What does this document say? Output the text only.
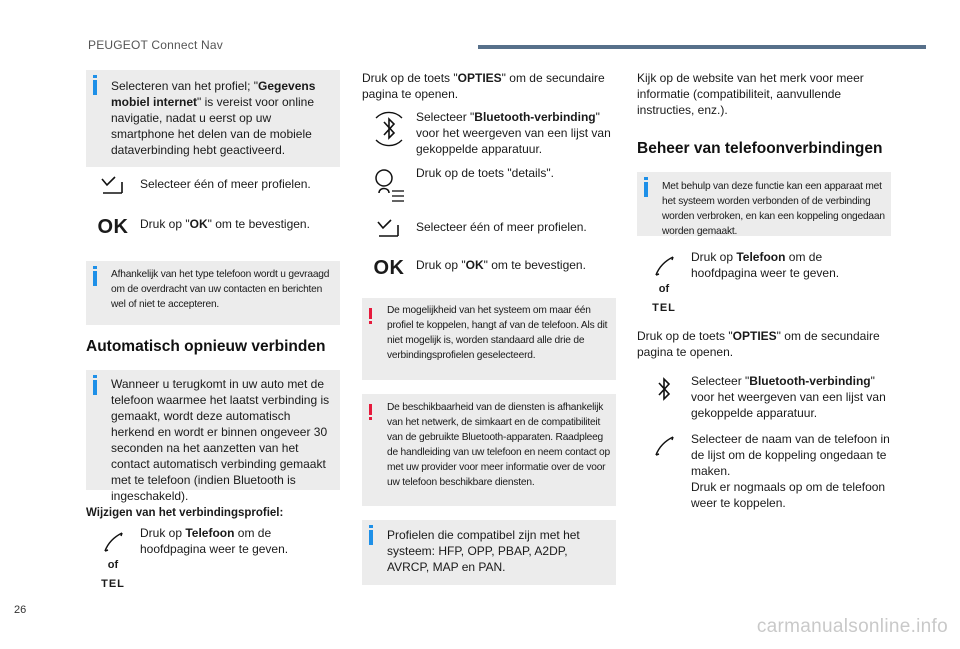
PEUGEOT Connect Nav
Selecteren van het profiel; "Gegevens mobiel internet" is vereist voor online navigatie, nadat u eerst op uw smartphone het delen van de mobiele dataverbinding hebt geactiveerd.
Selecteer één of meer profielen.
OK Druk op "OK" om te bevestigen.
Afhankelijk van het type telefoon wordt u gevraagd om de overdracht van uw contacten en berichten wel of niet te accepteren.
Automatisch opnieuw verbinden
Wanneer u terugkomt in uw auto met de telefoon waarmee het laatst verbinding is gemaakt, wordt deze automatisch herkend en wordt er binnen ongeveer 30 seconden na het aanzetten van het contact automatisch verbinding gemaakt met te telefoon (indien Bluetooth is ingeschakeld).
Wijzigen van het verbindingsprofiel:
of
TEL
Druk op Telefoon om de hoofdpagina weer te geven.
Druk op de toets "OPTIES" om de secundaire pagina te openen.
Selecteer "Bluetooth-verbinding" voor het weergeven van een lijst van gekoppelde apparatuur.
Druk op de toets "details".
Selecteer één of meer profielen.
OK Druk op "OK" om te bevestigen.
De mogelijkheid van het systeem om maar één profiel te koppelen, hangt af van de telefoon. Als dit niet mogelijk is, worden standaard alle drie de verbindingsprofielen geselecteerd.
De beschikbaarheid van de diensten is afhankelijk van het netwerk, de simkaart en de compatibiliteit van de gebruikte Bluetooth-apparaten. Raadpleeg de handleiding van uw telefoon en neem contact op met uw provider voor meer informatie over de voor uw telefoon beschikbare diensten.
Profielen die compatibel zijn met het systeem: HFP, OPP, PBAP, A2DP, AVRCP, MAP en PAN.
Kijk op de website van het merk voor meer informatie (compatibiliteit, aanvullende instructies, enz.).
Beheer van telefoonverbindingen
Met behulp van deze functie kan een apparaat met het systeem worden verbonden of de verbinding worden verbroken, en kan een koppeling ongedaan worden gemaakt.
of
TEL
Druk op Telefoon om de hoofdpagina weer te geven.
Druk op de toets "OPTIES" om de secundaire pagina te openen.
Selecteer "Bluetooth-verbinding" voor het weergeven van een lijst van gekoppelde apparatuur.
Selecteer de naam van de telefoon in de lijst om de koppeling ongedaan te maken.
Druk er nogmaals op om de telefoon weer te koppelen.
26
carmanualsonline.info
